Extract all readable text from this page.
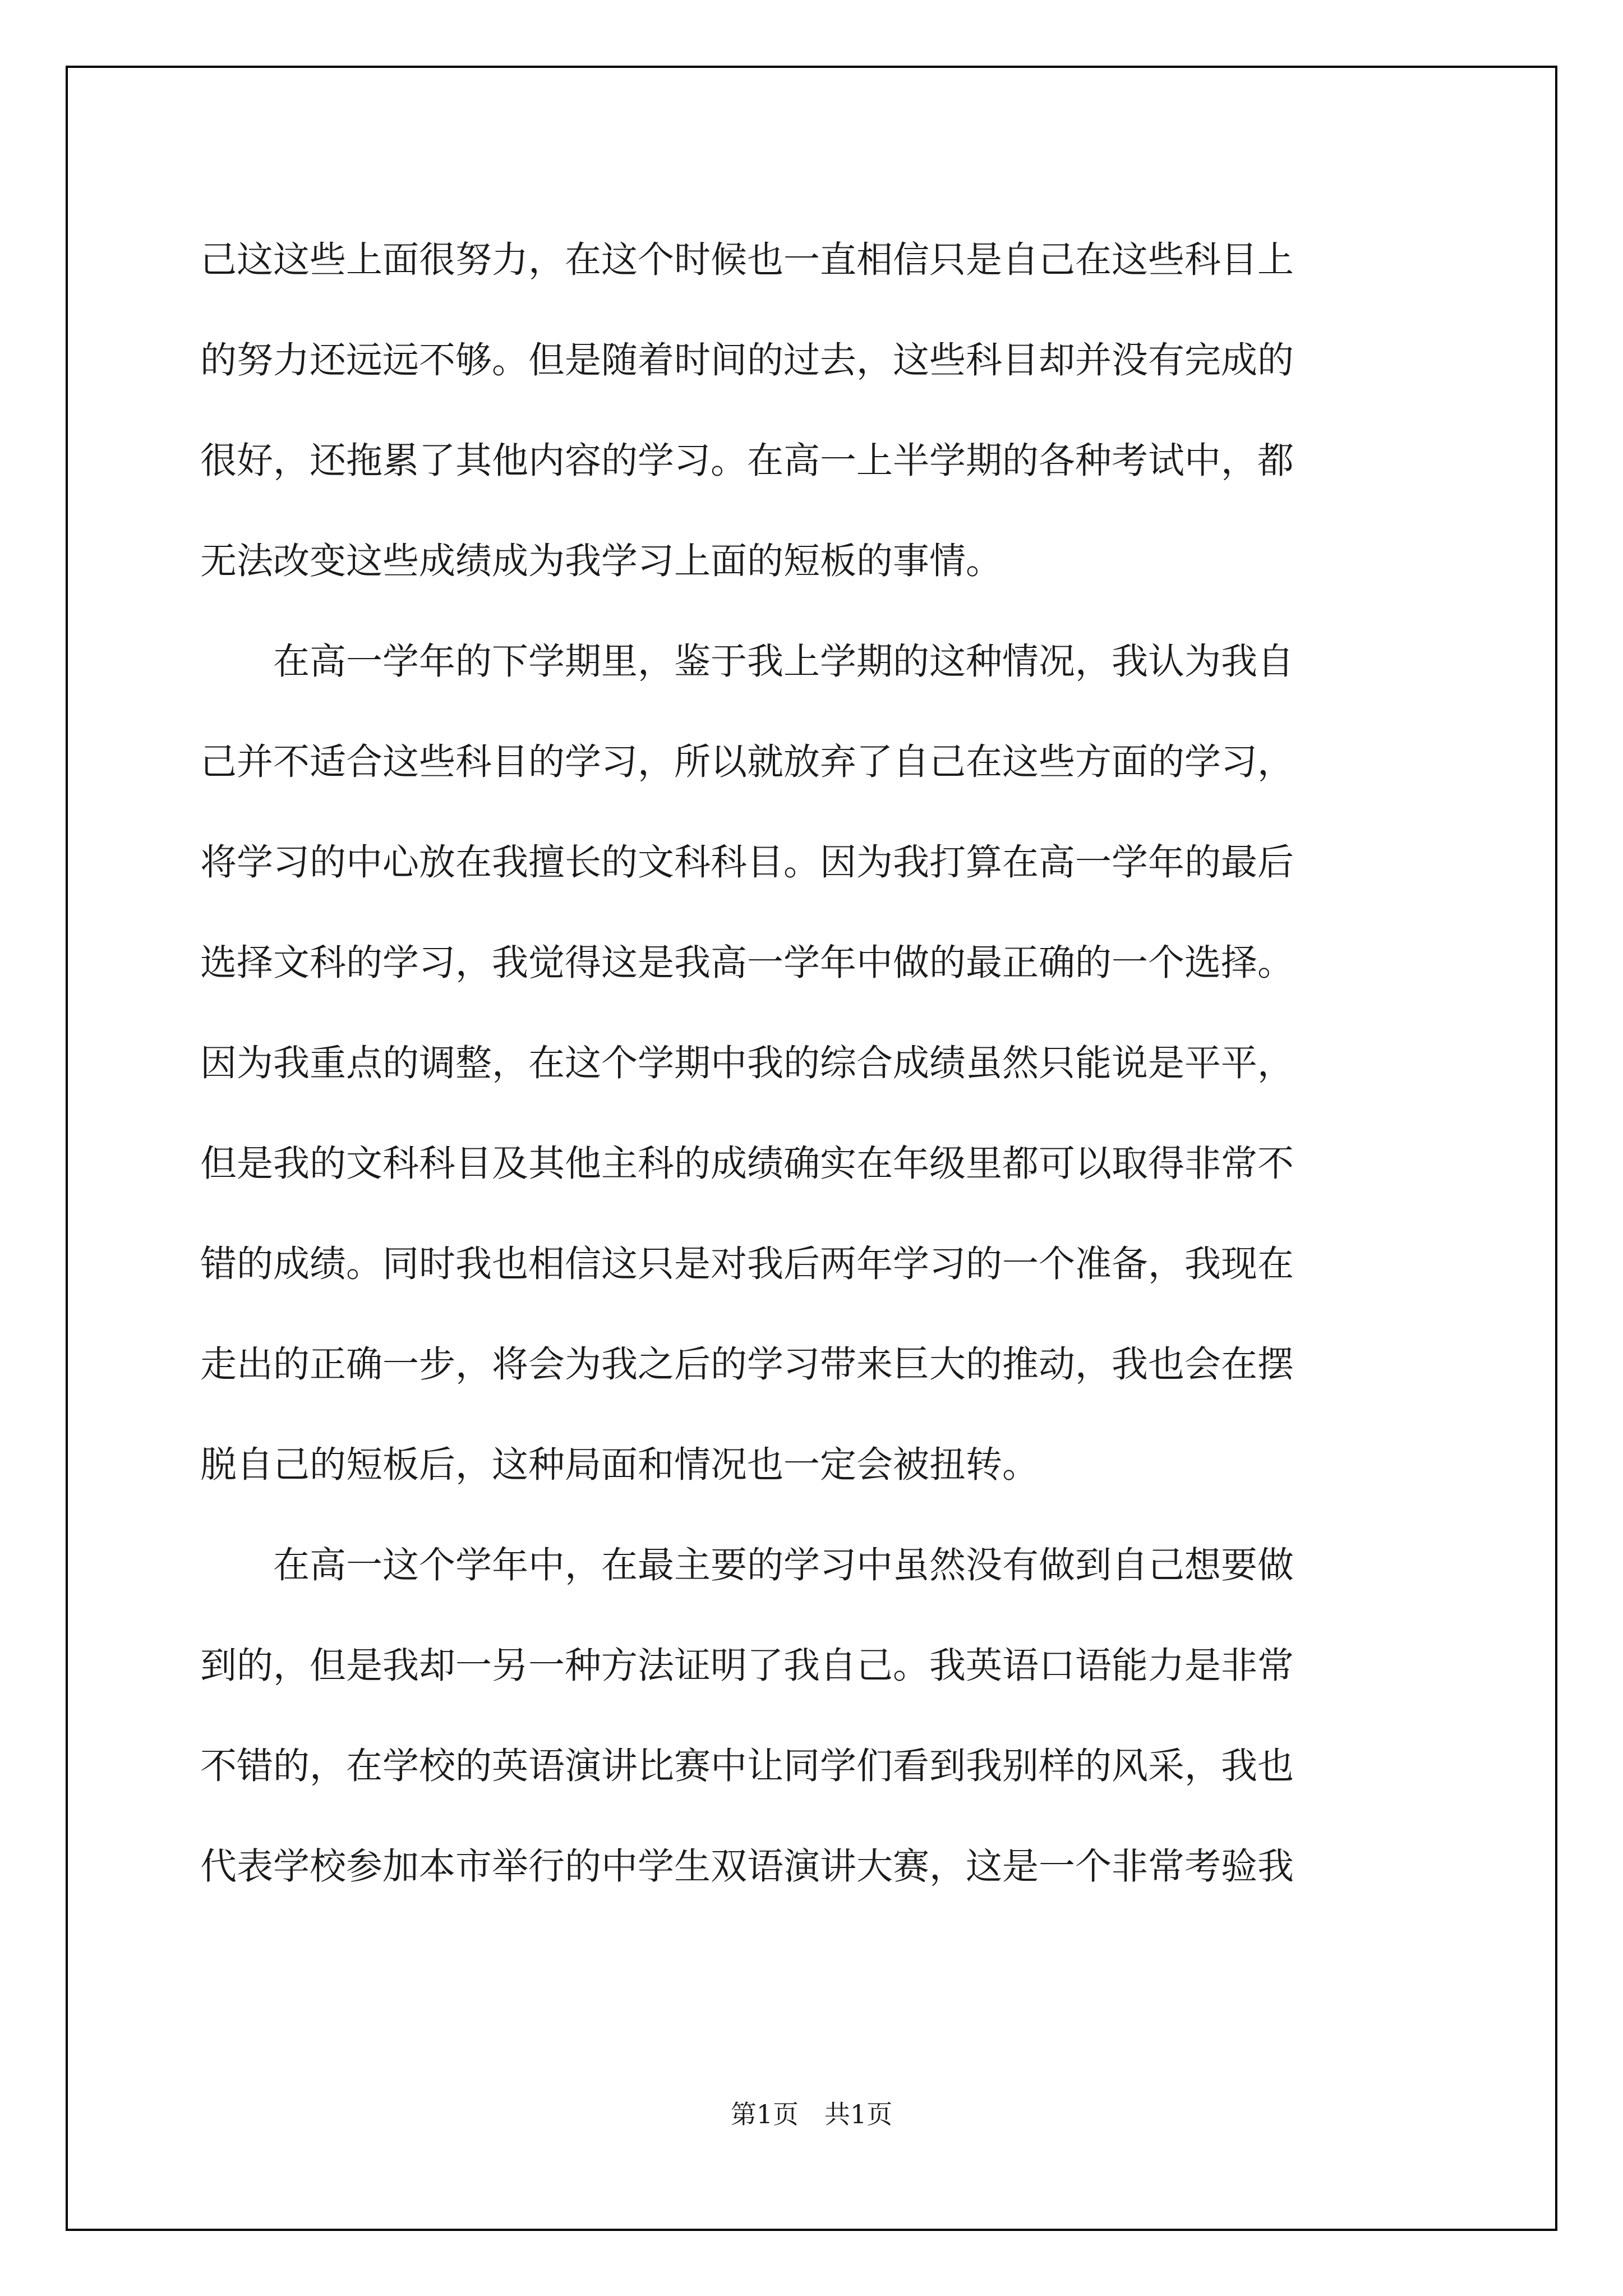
己这这些上面很努力，在这个时候也一直相信只是自己在这些科目上

的努力还远远不够。但是随着时间的过去，这些科目却并没有完成的

很好，还拖累了其他内容的学习。在高一上半学期的各种考试中，都

无法改变这些成绩成为我学习上面的短板的事情。

　　在高一学年的下学期里，鉴于我上学期的这种情况，我认为我自

己并不适合这些科目的学习，所以就放弃了自己在这些方面的学习，

将学习的中心放在我擅长的文科科目。因为我打算在高一学年的最后

选择文科的学习，我觉得这是我高一学年中做的最正确的一个选择。

因为我重点的调整，在这个学期中我的综合成绩虽然只能说是平平，

但是我的文科科目及其他主科的成绩确实在年级里都可以取得非常不

错的成绩。同时我也相信这只是对我后两年学习的一个准备，我现在

走出的正确一步，将会为我之后的学习带来巨大的推动，我也会在摆

脱自己的短板后，这种局面和情况也一定会被扭转。

　　在高一这个学年中，在最主要的学习中虽然没有做到自己想要做

到的，但是我却一另一种方法证明了我自己。我英语口语能力是非常

不错的，在学校的英语演讲比赛中让同学们看到我别样的风采，我也

代表学校参加本市举行的中学生双语演讲大赛，这是一个非常考验我

第1页　共1页
